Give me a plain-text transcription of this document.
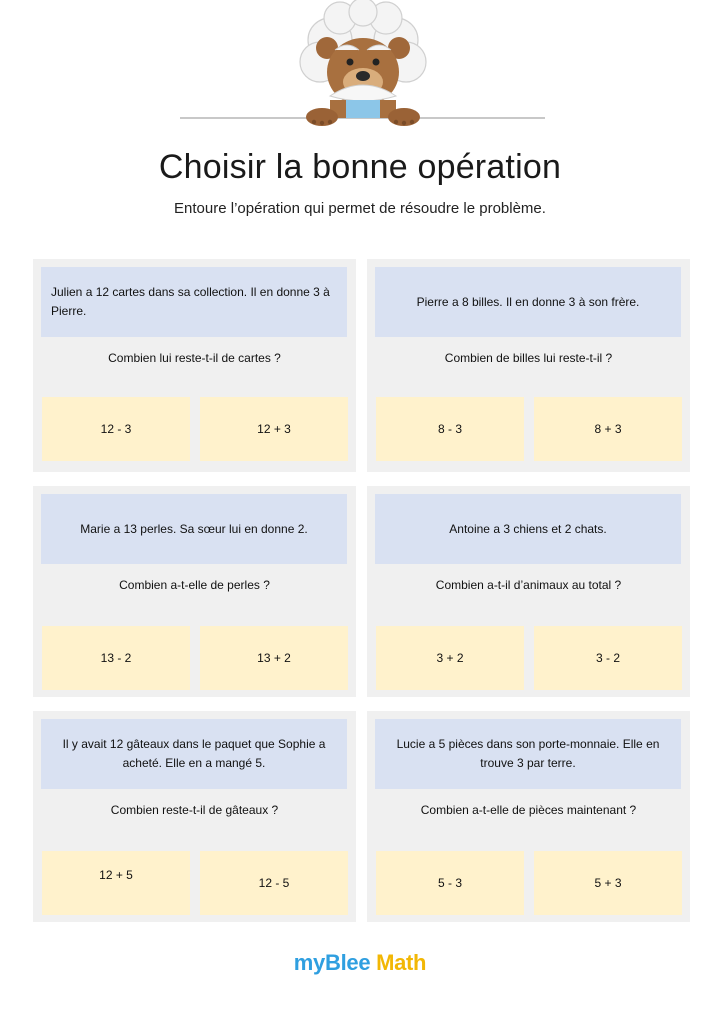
Choisir la bonne opération

Entoure l’opération qui permet de résoudre le problème.

Julien a 12 cartes dans sa collection. Il en donne 3 à Pierre.
Combien lui reste-t-il de cartes ?
12 - 3	12 + 3
Pierre a 8 billes. Il en donne 3 à son frère.
Combien de billes lui reste-t-il ?
8 - 3	8 + 3
Marie a 13 perles. Sa sœur lui en donne 2.
Combien a-t-elle de perles ?
13 - 2	13 + 2
Antoine a 3 chiens et 2 chats.
Combien a-t-il d’animaux au total ?
3 + 2	3 - 2
Il y avait 12 gâteaux dans le paquet que Sophie a acheté. Elle en a mangé 5.
Combien reste-t-il de gâteaux ?
12 + 5
12 - 5
Lucie a 5 pièces dans son porte-monnaie. Elle en trouve 3 par terre.
Combien a-t-elle de pièces maintenant ?
5 - 3	5 + 3
myBlee Math
